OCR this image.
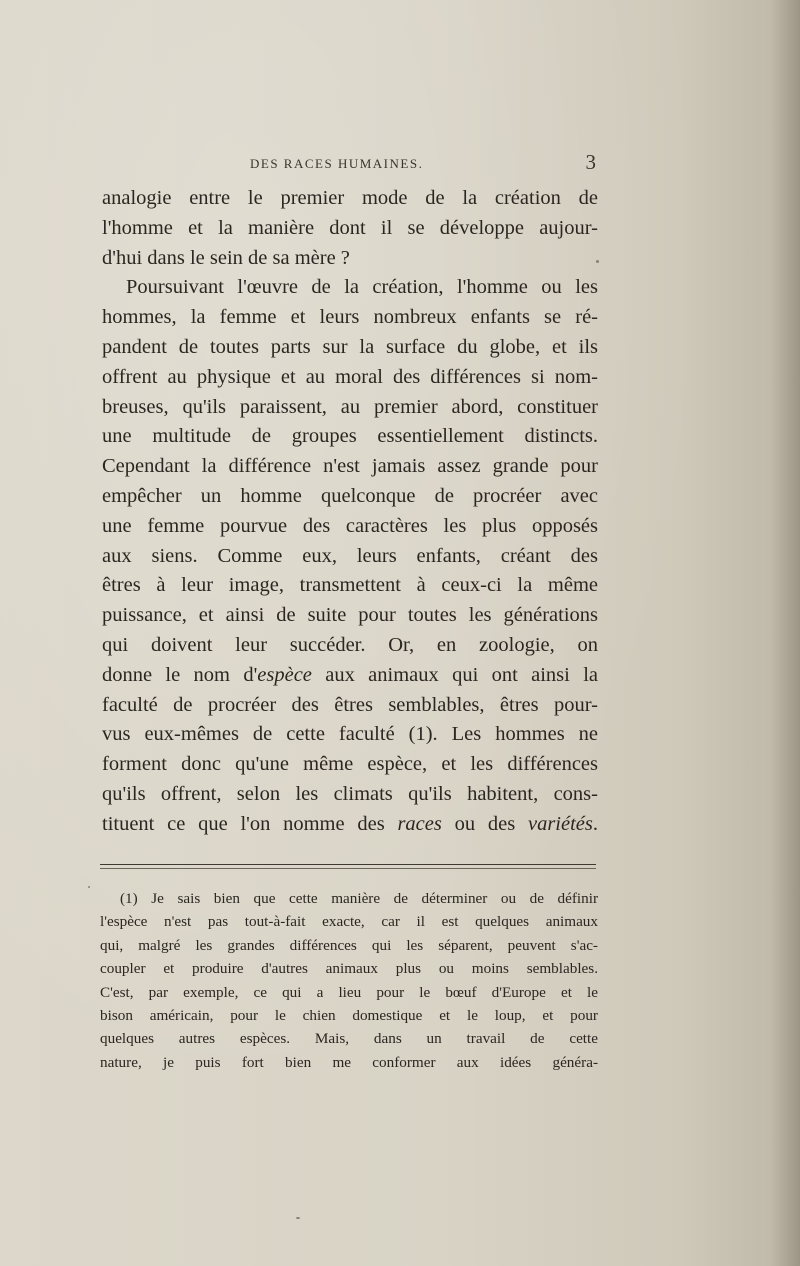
DES RACES HUMAINES.	3
analogie entre le premier mode de la création de
l'homme et la manière dont il se développe aujour-
d'hui dans le sein de sa mère ?
Poursuivant l'œuvre de la création, l'homme ou les
hommes, la femme et leurs nombreux enfants se ré-
pandent de toutes parts sur la surface du globe, et ils
offrent au physique et au moral des différences si nom-
breuses, qu'ils paraissent, au premier abord, constituer
une multitude de groupes essentiellement distincts.
Cependant la différence n'est jamais assez grande pour
empêcher un homme quelconque de procréer avec
une femme pourvue des caractères les plus opposés
aux siens. Comme eux, leurs enfants, créant des
êtres à leur image, transmettent à ceux-ci la même
puissance, et ainsi de suite pour toutes les générations
qui doivent leur succéder. Or, en zoologie, on
donne le nom d'espèce aux animaux qui ont ainsi la
faculté de procréer des êtres semblables, êtres pour-
vus eux-mêmes de cette faculté (1). Les hommes ne
forment donc qu'une même espèce, et les différences
qu'ils offrent, selon les climats qu'ils habitent, cons-
tituent ce que l'on nomme des races ou des variétés.
(1) Je sais bien que cette manière de déterminer ou de définir
l'espèce n'est pas tout-à-fait exacte, car il est quelques animaux
qui, malgré les grandes différences qui les séparent, peuvent s'ac-
coupler et produire d'autres animaux plus ou moins semblables.
C'est, par exemple, ce qui a lieu pour le bœuf d'Europe et le
bison américain, pour le chien domestique et le loup, et pour
quelques autres espèces. Mais, dans un travail de cette
nature, je puis fort bien me conformer aux idées généra-
